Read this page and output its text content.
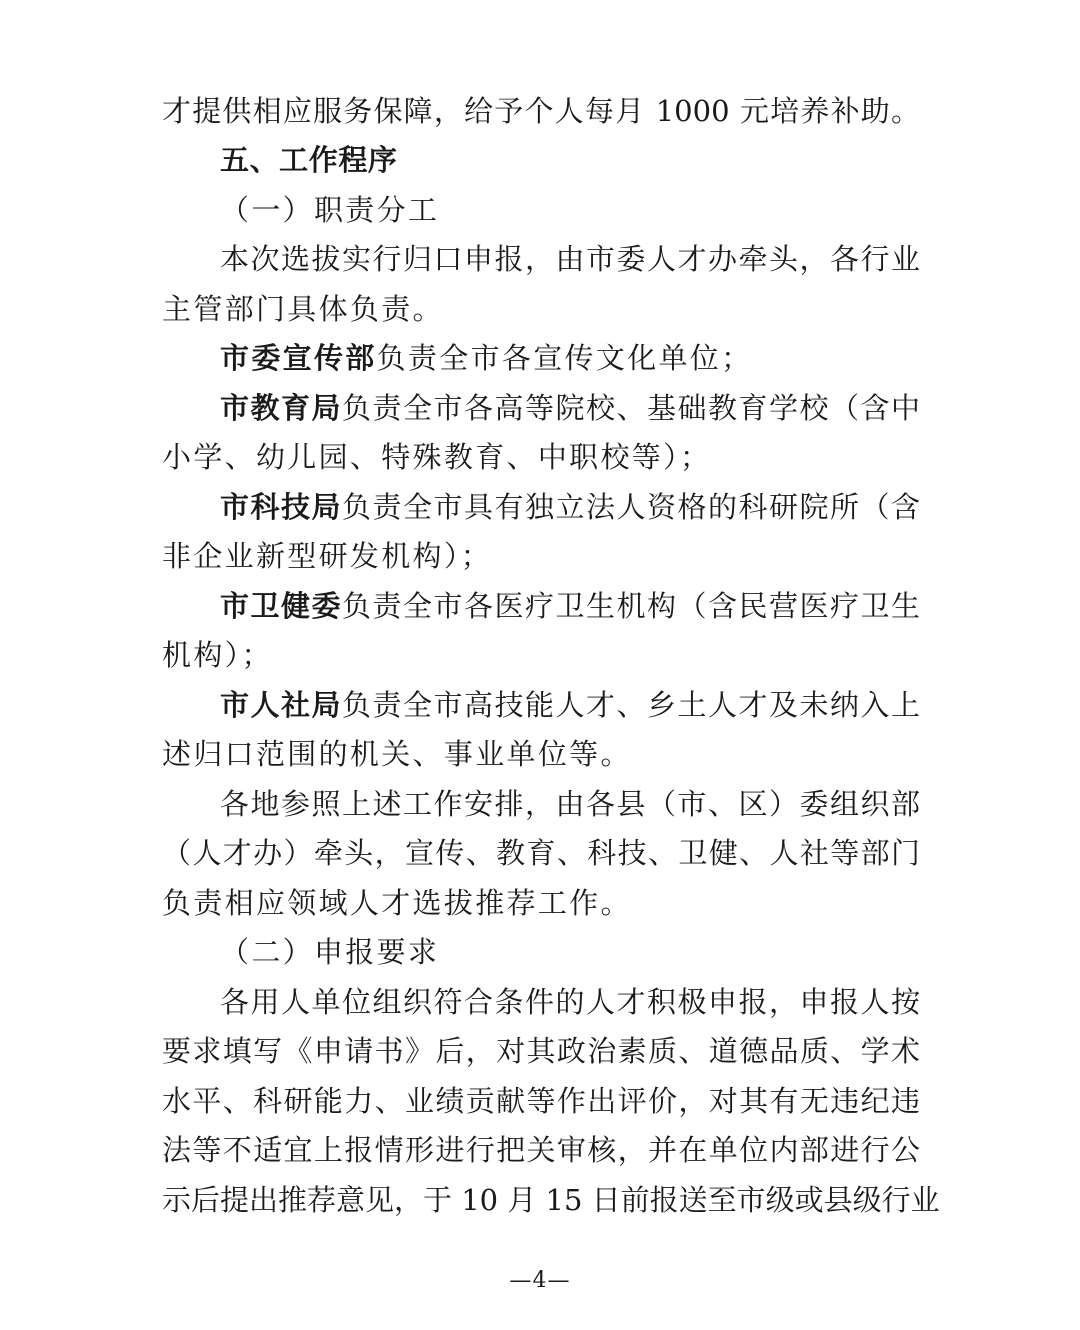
才提供相应服务保障，给予个人每月 1000 元培养补助。
五、工作程序
（一）职责分工
本次选拔实行归口申报，由市委人才办牵头，各行业
主管部门具体负责。
市委宣传部负责全市各宣传文化单位；
市教育局负责全市各高等院校、基础教育学校（含中
小学、幼儿园、特殊教育、中职校等）；
市科技局负责全市具有独立法人资格的科研院所（含
非企业新型研发机构）；
市卫健委负责全市各医疗卫生机构（含民营医疗卫生
机构）；
市人社局负责全市高技能人才、乡土人才及未纳入上
述归口范围的机关、事业单位等。
各地参照上述工作安排，由各县（市、区）委组织部
（人才办）牵头，宣传、教育、科技、卫健、人社等部门
负责相应领域人才选拔推荐工作。
（二）申报要求
各用人单位组织符合条件的人才积极申报，申报人按
要求填写《申请书》后，对其政治素质、道德品质、学术
水平、科研能力、业绩贡献等作出评价，对其有无违纪违
法等不适宜上报情形进行把关审核，并在单位内部进行公
示后提出推荐意见，于 10 月 15 日前报送至市级或县级行业
—4—
